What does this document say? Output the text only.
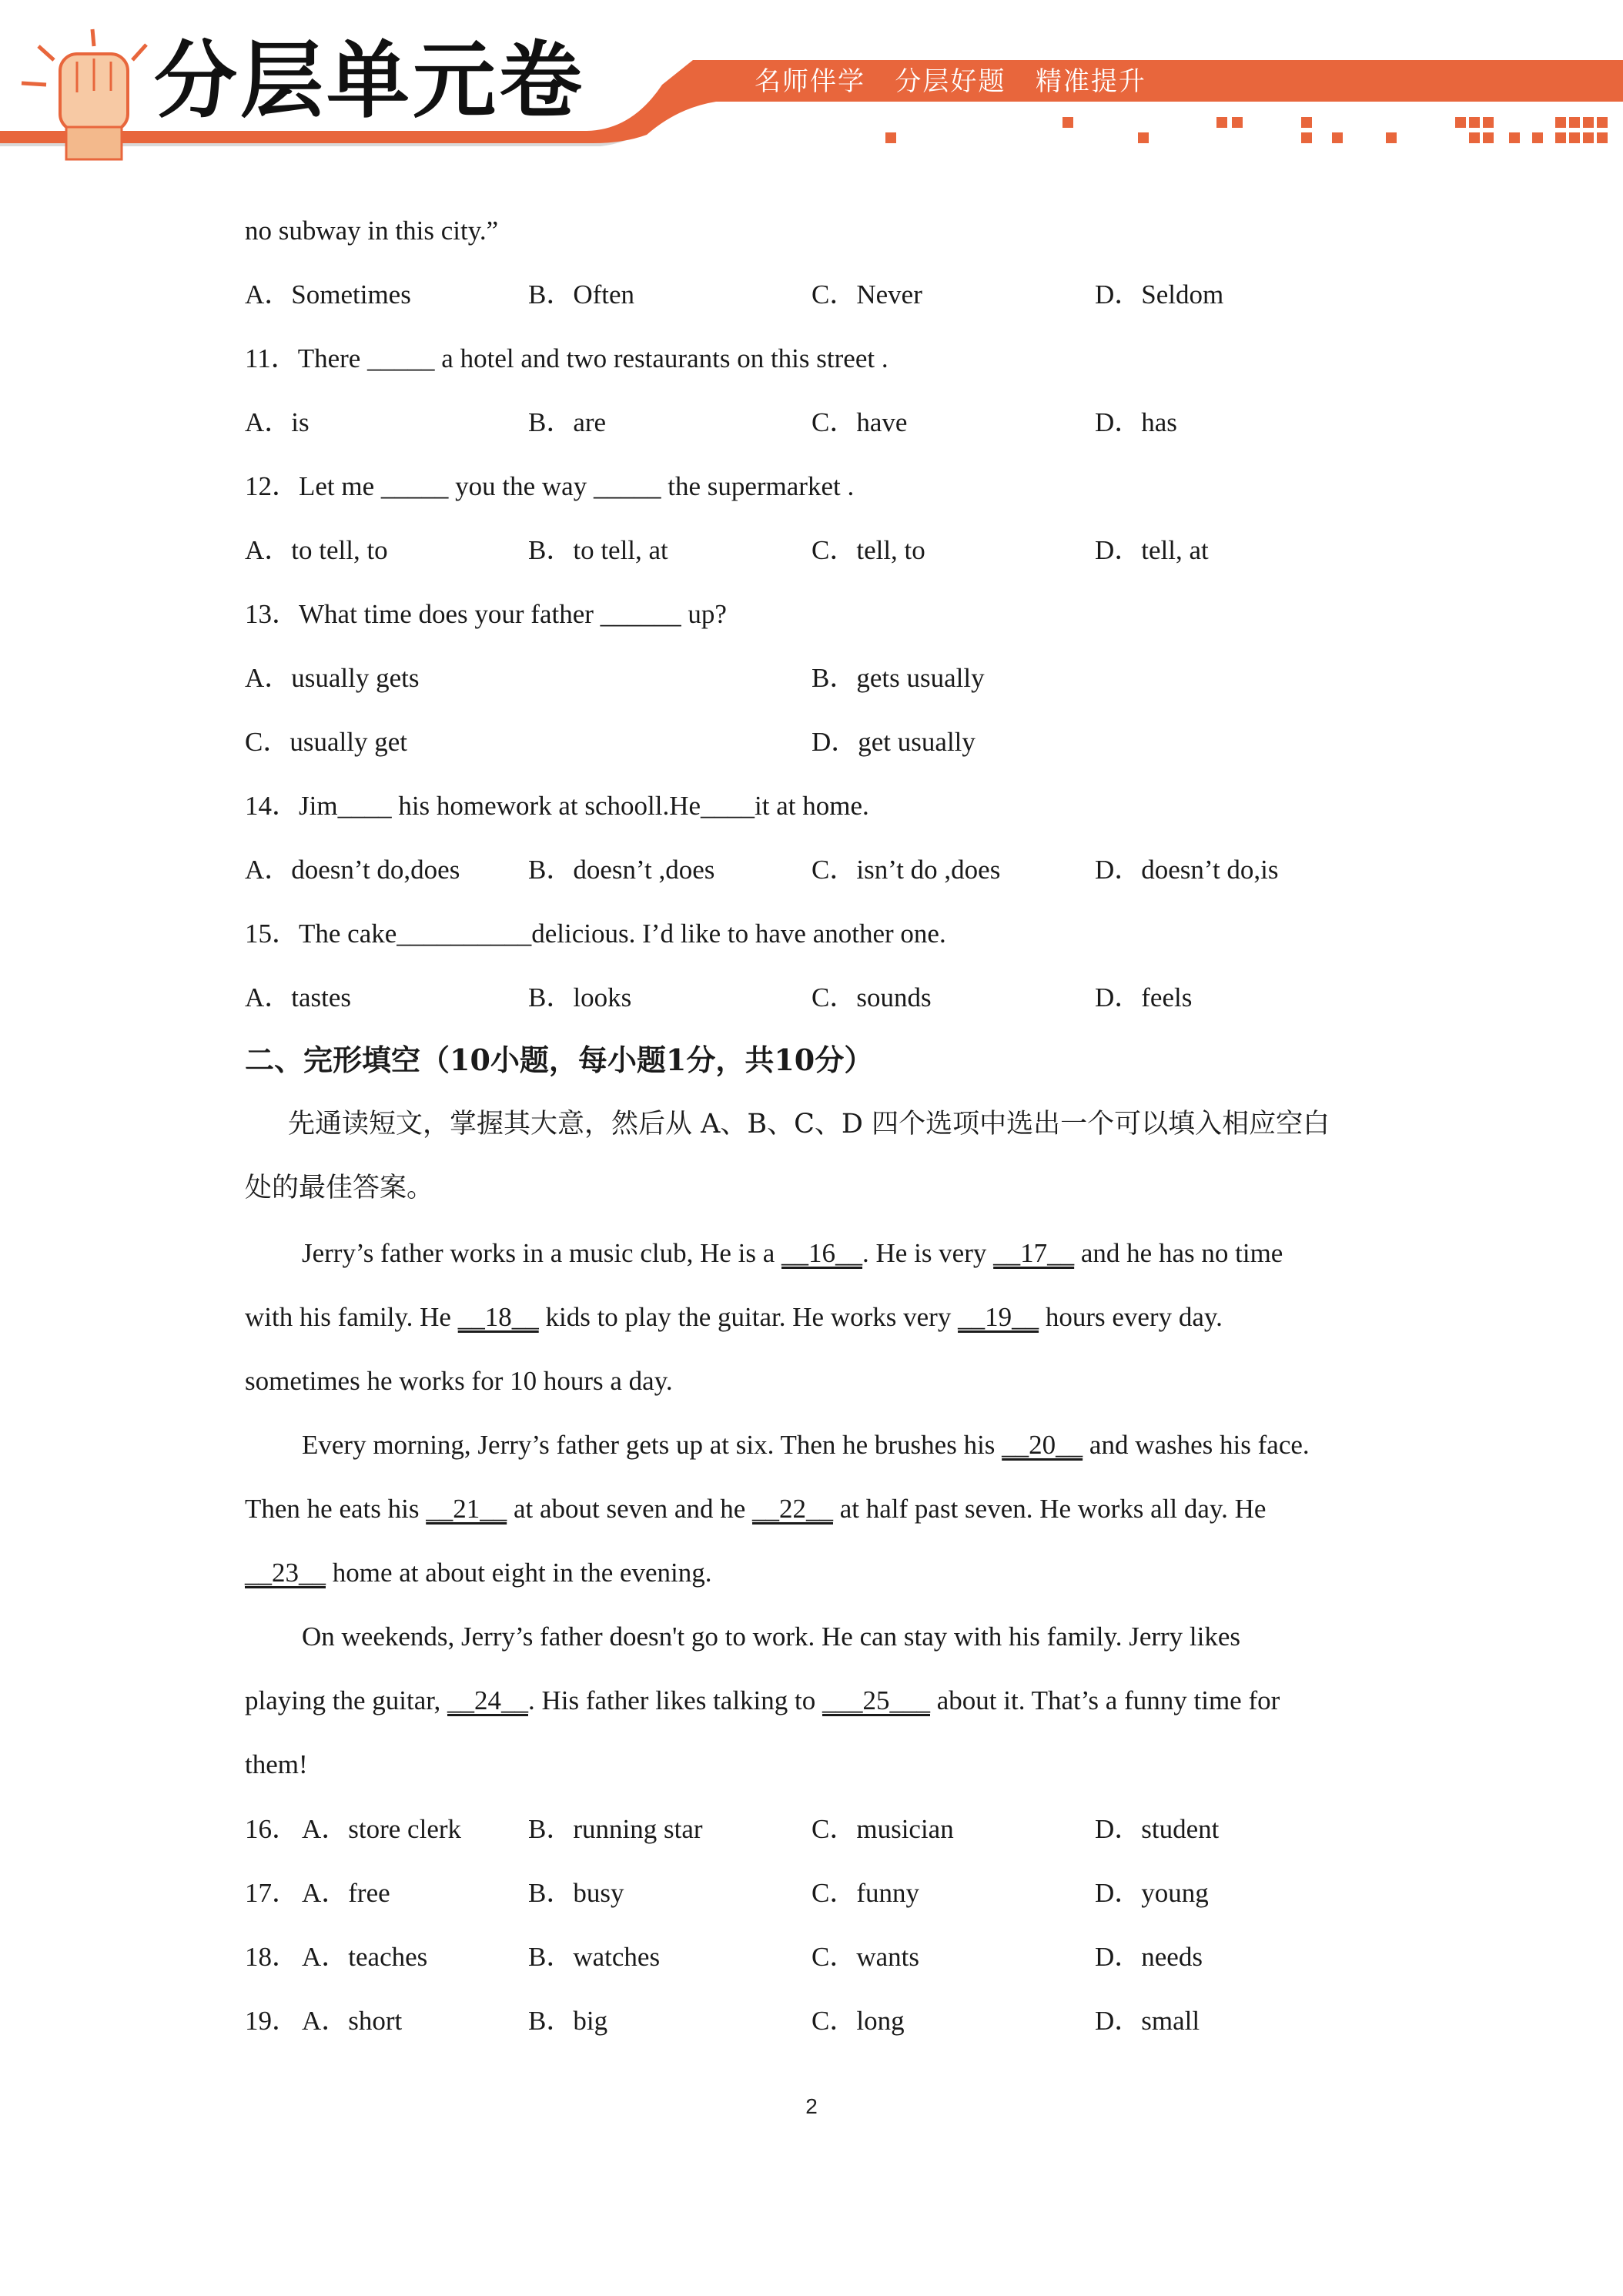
分层单元卷	名师伴学   分层好题   精准提升
no subway in this city.”
A．Sometimes	B．Often	C．Never	D．Seldom
11．There _____ a hotel and two restaurants on this street .
A．is	B．are	C．have	D．has
12．Let me _____ you the way _____ the supermarket .
A．to tell, to	B．to tell, at	C．tell, to	D．tell, at
13．What time does your father ______ up?
A．usually gets	B．gets usually
C．usually get	D．get usually
14．Jim____ his homework at schooll.He____it at home.
A．doesn’t do,does	B．doesn’t ,does	C．isn’t do ,does	D．doesn’t do,is
15．The cake__________delicious. I’d like to have another one.
A．tastes	B．looks	C．sounds	D．feels
二、完形填空（10小题，每小题1分，共10分）
先通读短文，掌握其大意，然后从 A、B、C、D 四个选项中选出一个可以填入相应空白
处的最佳答案。
Jerry’s father works in a music club, He is a __16__. He is very __17__ and he has no time
with his family. He __18__ kids to play the guitar. He works very __19__ hours every day.
sometimes he works for 10 hours a day.
Every morning, Jerry’s father gets up at six. Then he brushes his __20__ and washes his face.
Then he eats his __21__ at about seven and he __22__ at half past seven. He works all day. He
__23__ home at about eight in the evening.
On weekends, Jerry’s father doesn't go to work. He can stay with his family. Jerry likes
playing the guitar, __24__. His father likes talking to ___25___ about it. That’s a funny time for
them!
16． A．store clerk B．running star	C．musician	D．student
17． A．free	B．busy	C．funny	D．young
18． A．teaches	B．watches	C．wants	D．needs
19． A．short	B．big	C．long	D．small
2
